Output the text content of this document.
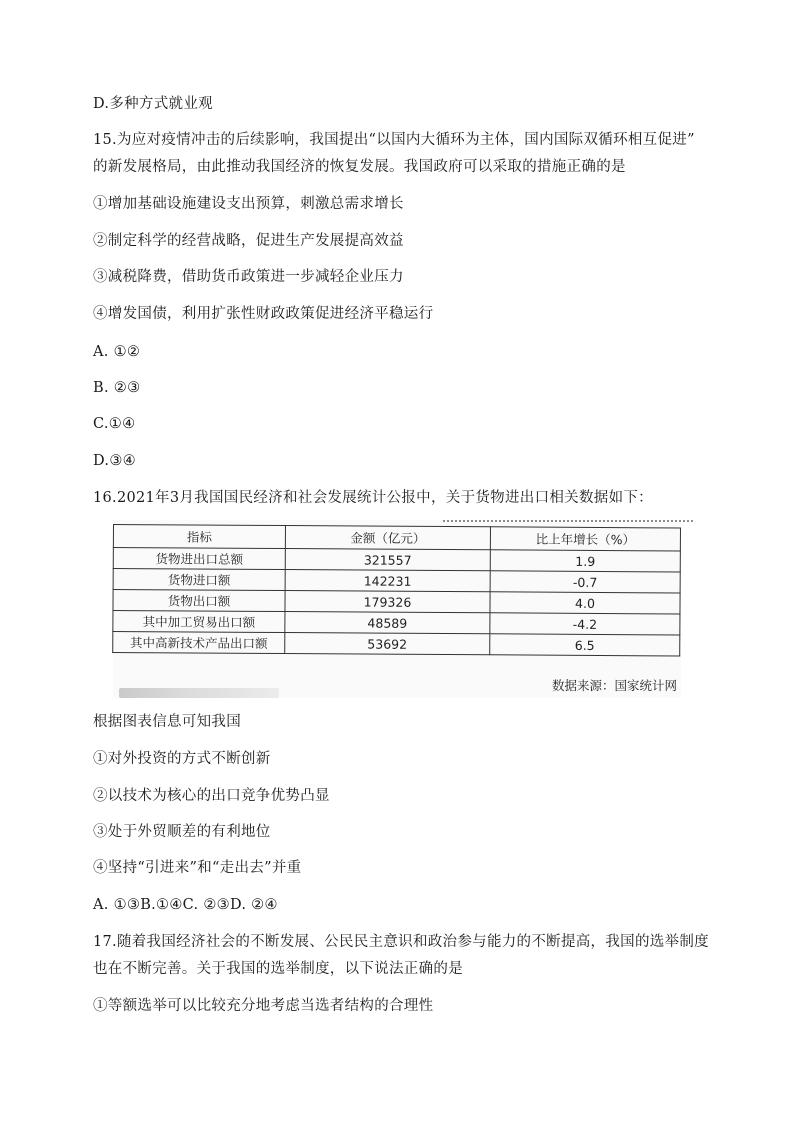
D.多种方式就业观
15.为应对疫情冲击的后续影响，我国提出“以国内大循环为主体，国内国际双循环相互促进”
的新发展格局，由此推动我国经济的恢复发展。我国政府可以采取的措施正确的是
①增加基础设施建设支出预算，刺激总需求增长
②制定科学的经营战略，促进生产发展提高效益
③减税降费，借助货币政策进一步减轻企业压力
④增发国债，利用扩张性财政政策促进经济平稳运行
A. ①②
B. ②③
C.①④
D.③④
16.2021年3月我国国民经济和社会发展统计公报中，关于货物进出口相关数据如下：
指标	金额（亿元）	比上年增长（%）
货物进出口总额	321557	1.9
货物进口额	142231	-0.7
货物出口额	179326	4.0
其中加工贸易出口额	48589	-4.2
其中高新技术产品出口额	53692	6.5
数据来源：国家统计网
根据图表信息可知我国
①对外投资的方式不断创新
②以技术为核心的出口竞争优势凸显
③处于外贸顺差的有利地位
④坚持“引进来”和“走出去”并重
A. ①③B.①④C. ②③D. ②④
17.随着我国经济社会的不断发展、公民民主意识和政治参与能力的不断提高，我国的选举制度
也在不断完善。关于我国的选举制度，以下说法正确的是
①等额选举可以比较充分地考虑当选者结构的合理性
